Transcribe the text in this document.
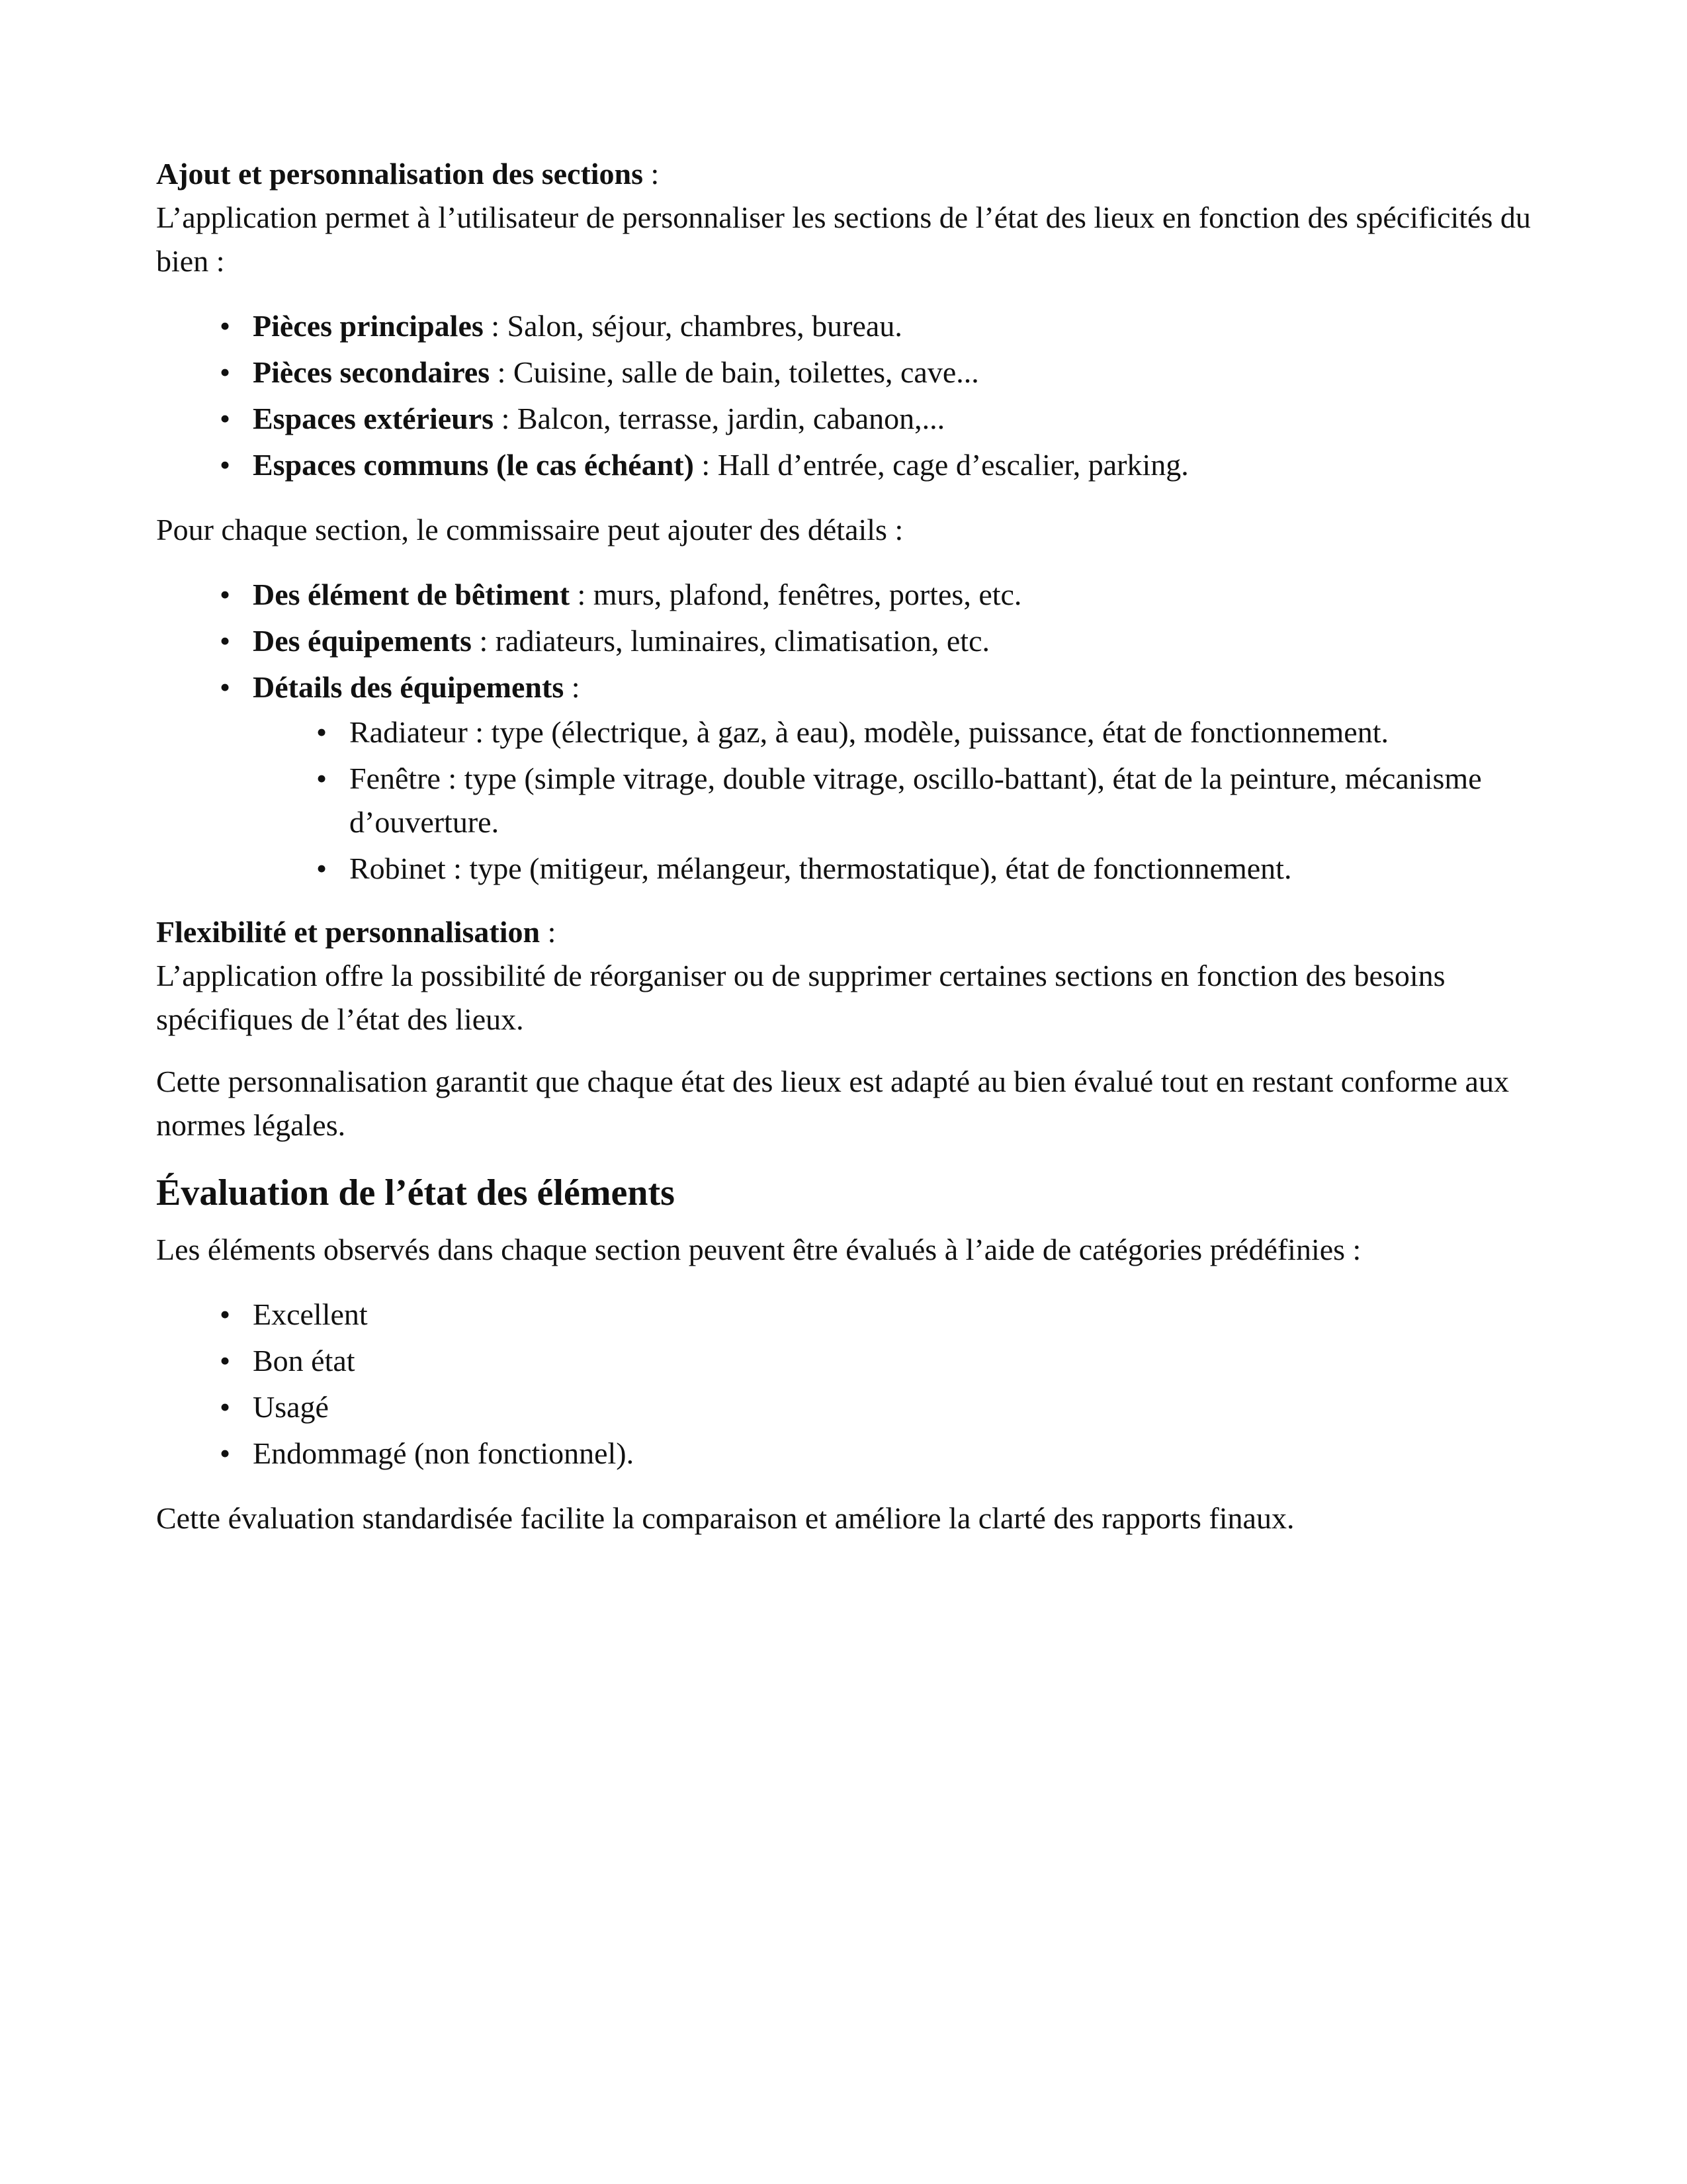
Ajout et personnalisation des sections :

L’application permet à l’utilisateur de personnaliser les sections de l’état des lieux en fonction des spécificités du bien :

• Pièces principales : Salon, séjour, chambres, bureau.
• Pièces secondaires : Cuisine, salle de bain, toilettes, cave...
• Espaces extérieurs : Balcon, terrasse, jardin, cabanon,...
• Espaces communs (le cas échéant) : Hall d’entrée, cage d’escalier, parking.

Pour chaque section, le commissaire peut ajouter des détails :

• Des élément de bêtiment : murs, plafond, fenêtres, portes, etc.
• Des équipements : radiateurs, luminaires, climatisation, etc.
• Détails des équipements :
• Radiateur : type (électrique, à gaz, à eau), modèle, puissance, état de fonctionnement.
• Fenêtre : type (simple vitrage, double vitrage, oscillo-battant), état de la peinture, mécanisme d’ouverture.
• Robinet : type (mitigeur, mélangeur, thermostatique), état de fonctionnement.

Flexibilité et personnalisation :

L’application offre la possibilité de réorganiser ou de supprimer certaines sections en fonction des besoins spécifiques de l’état des lieux.

Cette personnalisation garantit que chaque état des lieux est adapté au bien évalué tout en restant conforme aux normes légales.

Évaluation de l’état des éléments

Les éléments observés dans chaque section peuvent être évalués à l’aide de catégories prédéfinies :

• Excellent
• Bon état
• Usagé
• Endommagé (non fonctionnel).

Cette évaluation standardisée facilite la comparaison et améliore la clarté des rapports finaux.
